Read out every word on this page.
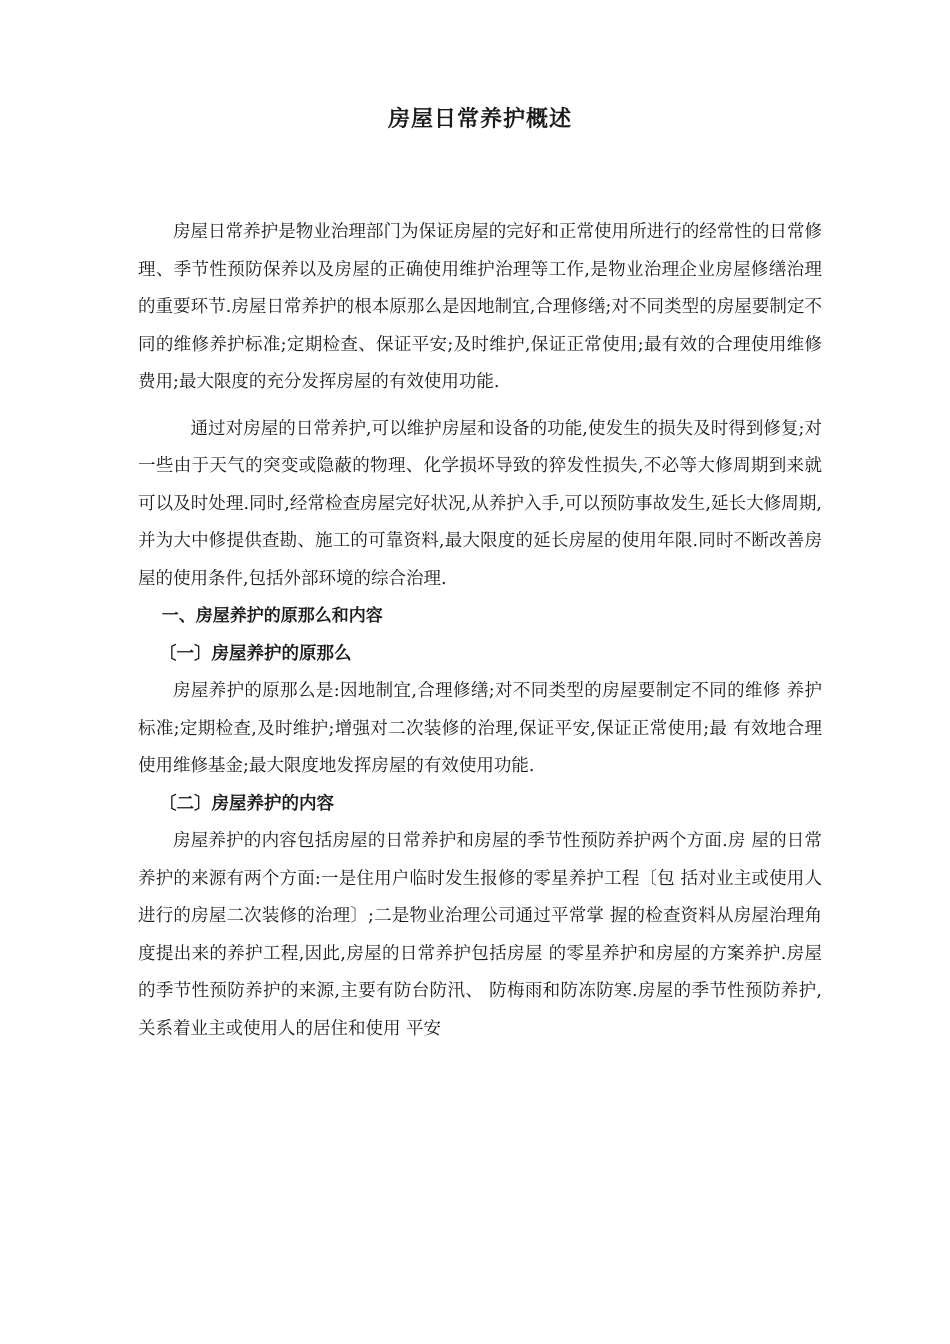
房屋日常养护概述

房屋日常养护是物业治理部门为保证房屋的完好和正常使用所进行的经常性的日常修理、季节性预防保养以及房屋的正确使用维护治理等工作,是物业治理企业房屋修缮治理的重要环节.房屋日常养护的根本原那么是因地制宜,合理修缮;对不同类型的房屋要制定不同的维修养护标准;定期检查、保证平安;及时维护,保证正常使用;最有效的合理使用维修费用;最大限度的充分发挥房屋的有效使用功能.

通过对房屋的日常养护,可以维护房屋和设备的功能,使发生的损失及时得到修复;对一些由于天气的突变或隐蔽的物理、化学损坏导致的猝发性损失,不必等大修周期到来就可以及时处理.同时,经常检查房屋完好状况,从养护入手,可以预防事故发生,延长大修周期,并为大中修提供查勘、施工的可靠资料,最大限度的延长房屋的使用年限.同时不断改善房屋的使用条件,包括外部环境的综合治理.

一、房屋养护的原那么和内容
〔一〕房屋养护的原那么

房屋养护的原那么是:因地制宜,合理修缮;对不同类型的房屋要制定不同的维修 养护标准;定期检查,及时维护;增强对二次装修的治理,保证平安,保证正常使用;最 有效地合理使用维修基金;最大限度地发挥房屋的有效使用功能.

〔二〕房屋养护的内容

房屋养护的内容包括房屋的日常养护和房屋的季节性预防养护两个方面.房 屋的日常养护的来源有两个方面:一是住用户临时发生报修的零星养护工程〔包 括对业主或使用人进行的房屋二次装修的治理〕;二是物业治理公司通过平常掌 握的检查资料从房屋治理角度提出来的养护工程,因此,房屋的日常养护包括房屋 的零星养护和房屋的方案养护.房屋的季节性预防养护的来源,主要有防台防汛、 防梅雨和防冻防寒.房屋的季节性预防养护,关系着业主或使用人的居住和使用 平安
